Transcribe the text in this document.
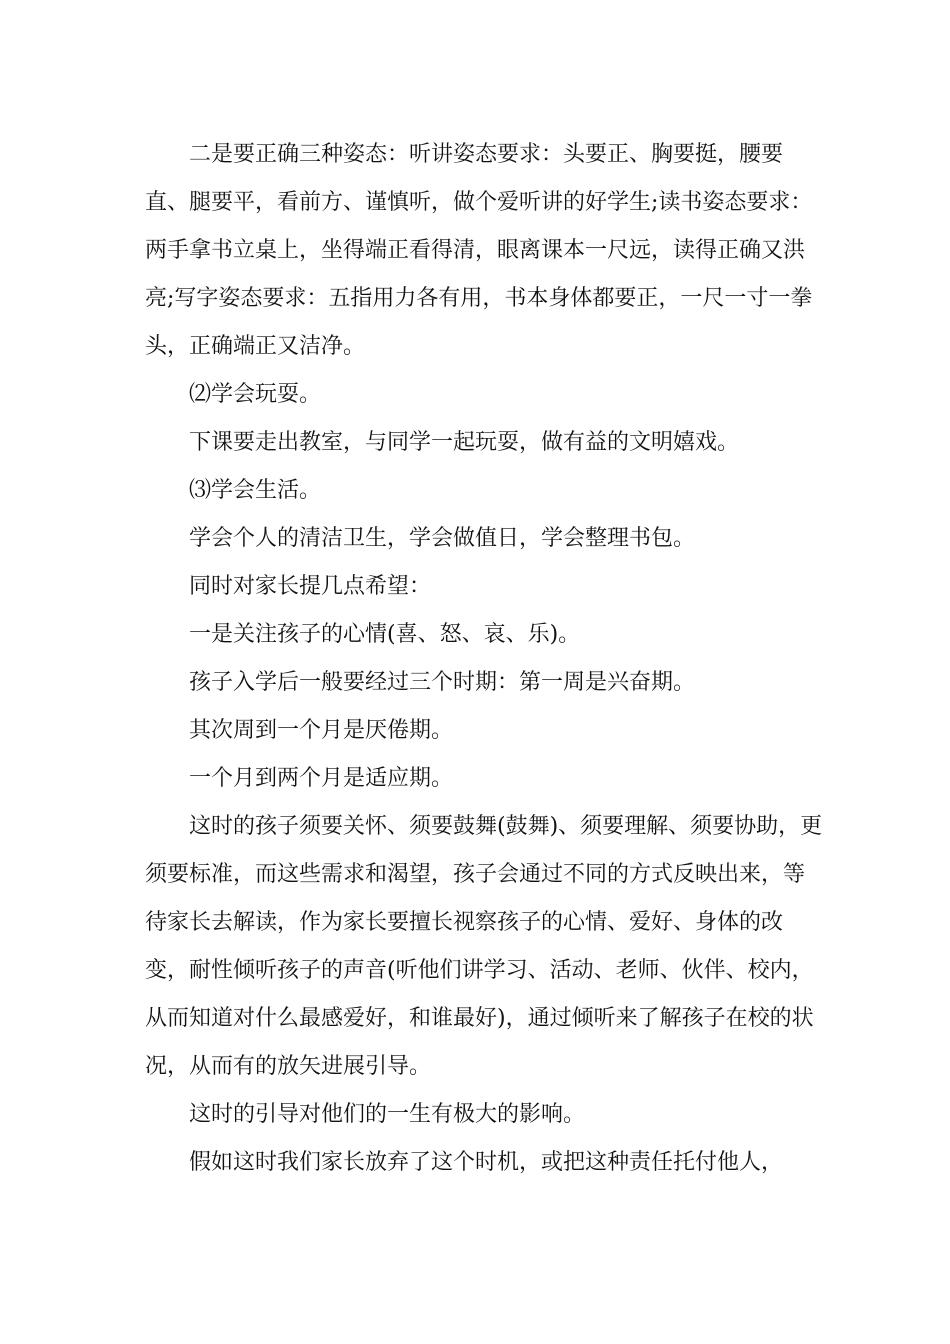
二是要正确三种姿态：听讲姿态要求：头要正、胸要挺，腰要直、腿要平，看前方、谨慎听，做个爱听讲的好学生;读书姿态要求：两手拿书立桌上，坐得端正看得清，眼离课本一尺远，读得正确又洪亮;写字姿态要求：五指用力各有用，书本身体都要正，一尺一寸一拳头，正确端正又洁净。

⑵学会玩耍。

下课要走出教室，与同学一起玩耍，做有益的文明嬉戏。

⑶学会生活。

学会个人的清洁卫生，学会做值日，学会整理书包。

同时对家长提几点希望：

一是关注孩子的心情(喜、怒、哀、乐)。

孩子入学后一般要经过三个时期：第一周是兴奋期。

其次周到一个月是厌倦期。

一个月到两个月是适应期。

这时的孩子须要关怀、须要鼓舞(鼓舞)、须要理解、须要协助，更须要标准，而这些需求和渴望，孩子会通过不同的方式反映出来，等待家长去解读，作为家长要擅长视察孩子的心情、爱好、身体的改变，耐性倾听孩子的声音(听他们讲学习、活动、老师、伙伴、校内，从而知道对什么最感爱好，和谁最好)，通过倾听来了解孩子在校的状况，从而有的放矢进展引导。

这时的引导对他们的一生有极大的影响。

假如这时我们家长放弃了这个时机，或把这种责任托付他人，
